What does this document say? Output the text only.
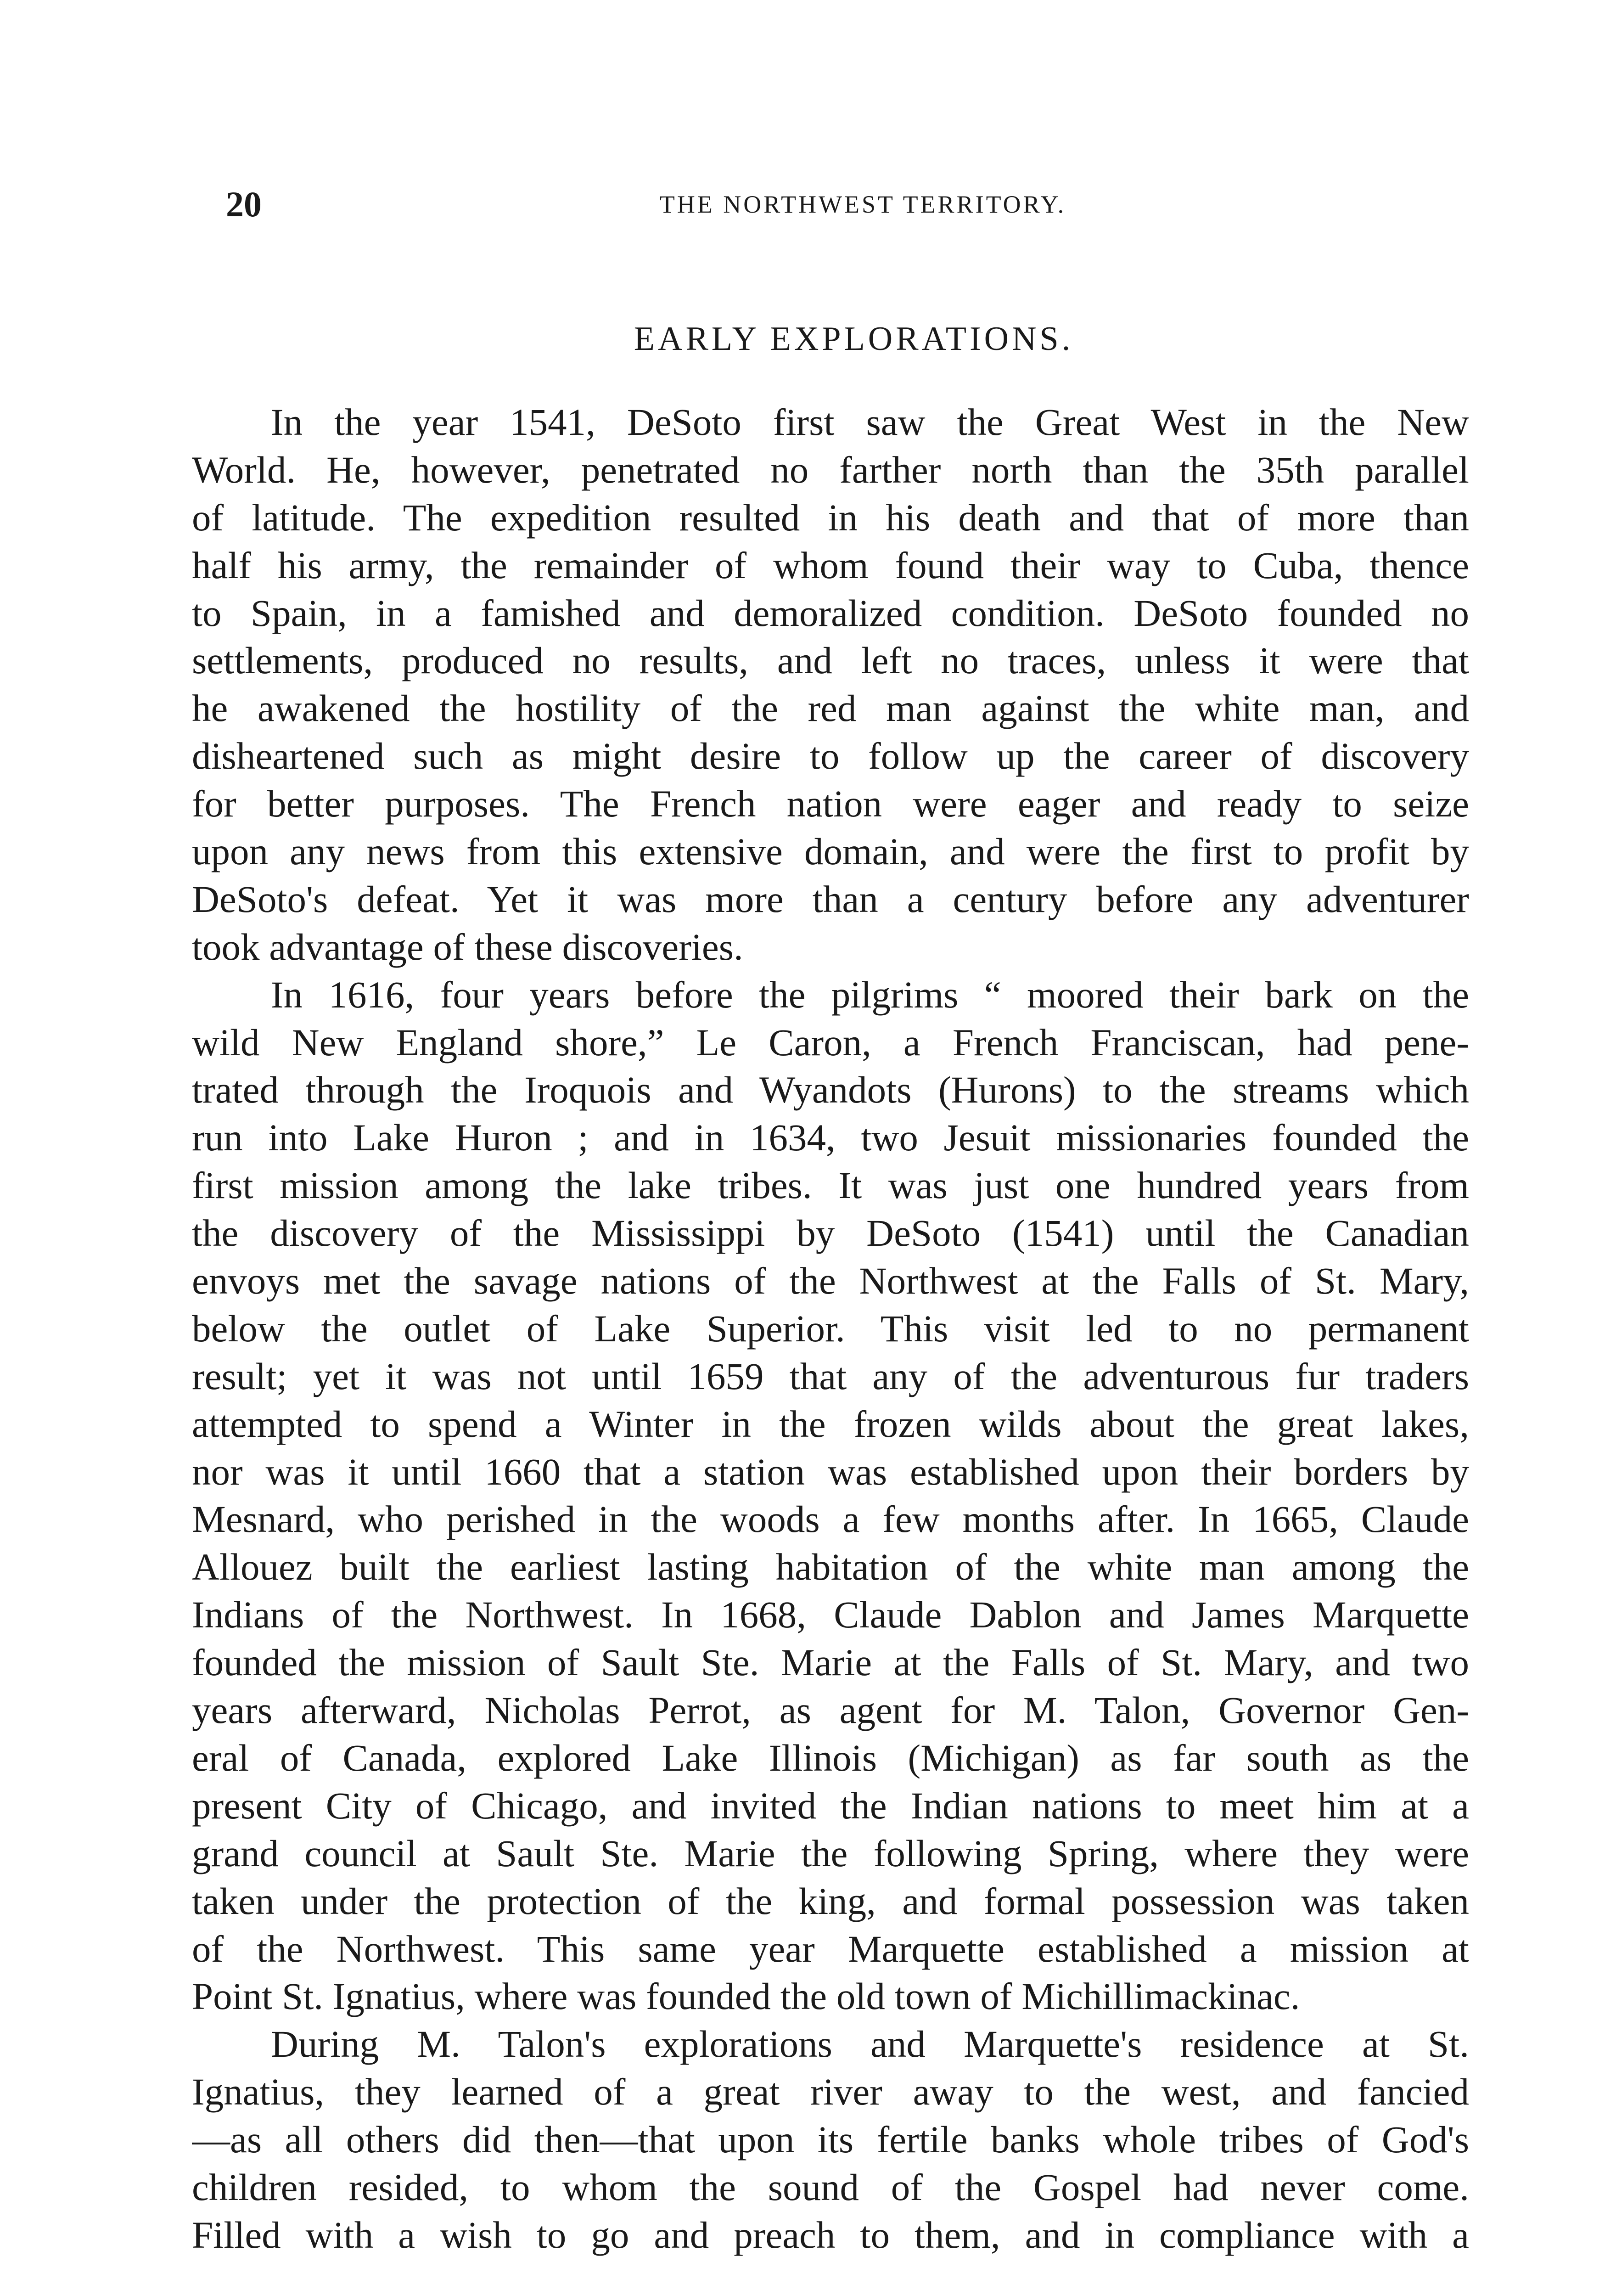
20	THE NORTHWEST TERRITORY.
EARLY EXPLORATIONS.
In the year 1541, DeSoto first saw the Great West in the New
World. He, however, penetrated no farther north than the 35th parallel
of latitude. The expedition resulted in his death and that of more than
half his army, the remainder of whom found their way to Cuba, thence
to Spain, in a famished and demoralized condition. DeSoto founded no
settlements, produced no results, and left no traces, unless it were that
he awakened the hostility of the red man against the white man, and
disheartened such as might desire to follow up the career of discovery
for better purposes. The French nation were eager and ready to seize
upon any news from this extensive domain, and were the first to profit by
DeSoto's defeat. Yet it was more than a century before any adventurer
took advantage of these discoveries.
In 1616, four years before the pilgrims “ moored their bark on the
wild New England shore,” Le Caron, a French Franciscan, had pene-
trated through the Iroquois and Wyandots (Hurons) to the streams which
run into Lake Huron ; and in 1634, two Jesuit missionaries founded the
first mission among the lake tribes. It was just one hundred years from
the discovery of the Mississippi by DeSoto (1541) until the Canadian
envoys met the savage nations of the Northwest at the Falls of St. Mary,
below the outlet of Lake Superior. This visit led to no permanent
result; yet it was not until 1659 that any of the adventurous fur traders
attempted to spend a Winter in the frozen wilds about the great lakes,
nor was it until 1660 that a station was established upon their borders by
Mesnard, who perished in the woods a few months after. In 1665, Claude
Allouez built the earliest lasting habitation of the white man among the
Indians of the Northwest. In 1668, Claude Dablon and James Marquette
founded the mission of Sault Ste. Marie at the Falls of St. Mary, and two
years afterward, Nicholas Perrot, as agent for M. Talon, Governor Gen-
eral of Canada, explored Lake Illinois (Michigan) as far south as the
present City of Chicago, and invited the Indian nations to meet him at a
grand council at Sault Ste. Marie the following Spring, where they were
taken under the protection of the king, and formal possession was taken
of the Northwest. This same year Marquette established a mission at
Point St. Ignatius, where was founded the old town of Michillimackinac.
During M. Talon's explorations and Marquette's residence at St.
Ignatius, they learned of a great river away to the west, and fancied
—as all others did then—that upon its fertile banks whole tribes of God's
children resided, to whom the sound of the Gospel had never come.
Filled with a wish to go and preach to them, and in compliance with a
